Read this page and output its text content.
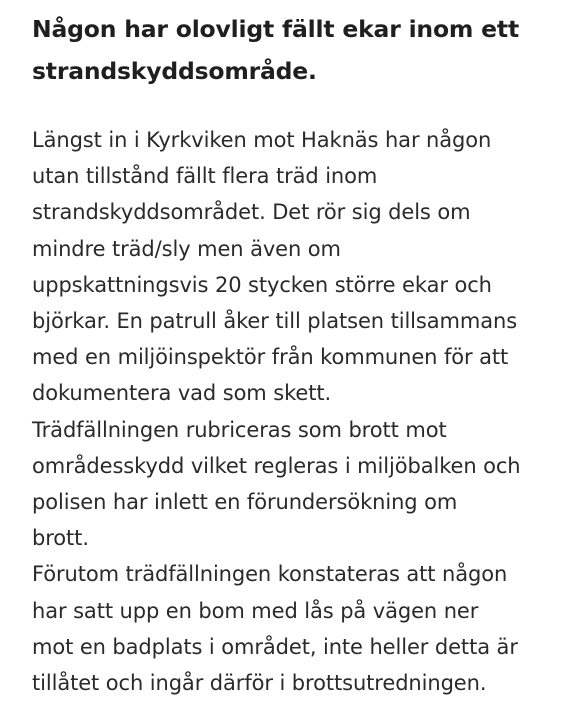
Någon har olovligt fällt ekar inom ett
strandskyddsområde.
Längst in i Kyrkviken mot Haknäs har någon
utan tillstånd fällt flera träd inom
strandskyddsområdet. Det rör sig dels om
mindre träd/sly men även om
uppskattningsvis 20 stycken större ekar och
björkar. En patrull åker till platsen tillsammans
med en miljöinspektör från kommunen för att
dokumentera vad som skett.
Trädfällningen rubriceras som brott mot
områdesskydd vilket regleras i miljöbalken och
polisen har inlett en förundersökning om
brott.
Förutom trädfällningen konstateras att någon
har satt upp en bom med lås på vägen ner
mot en badplats i området, inte heller detta är
tillåtet och ingår därför i brottsutredningen.
